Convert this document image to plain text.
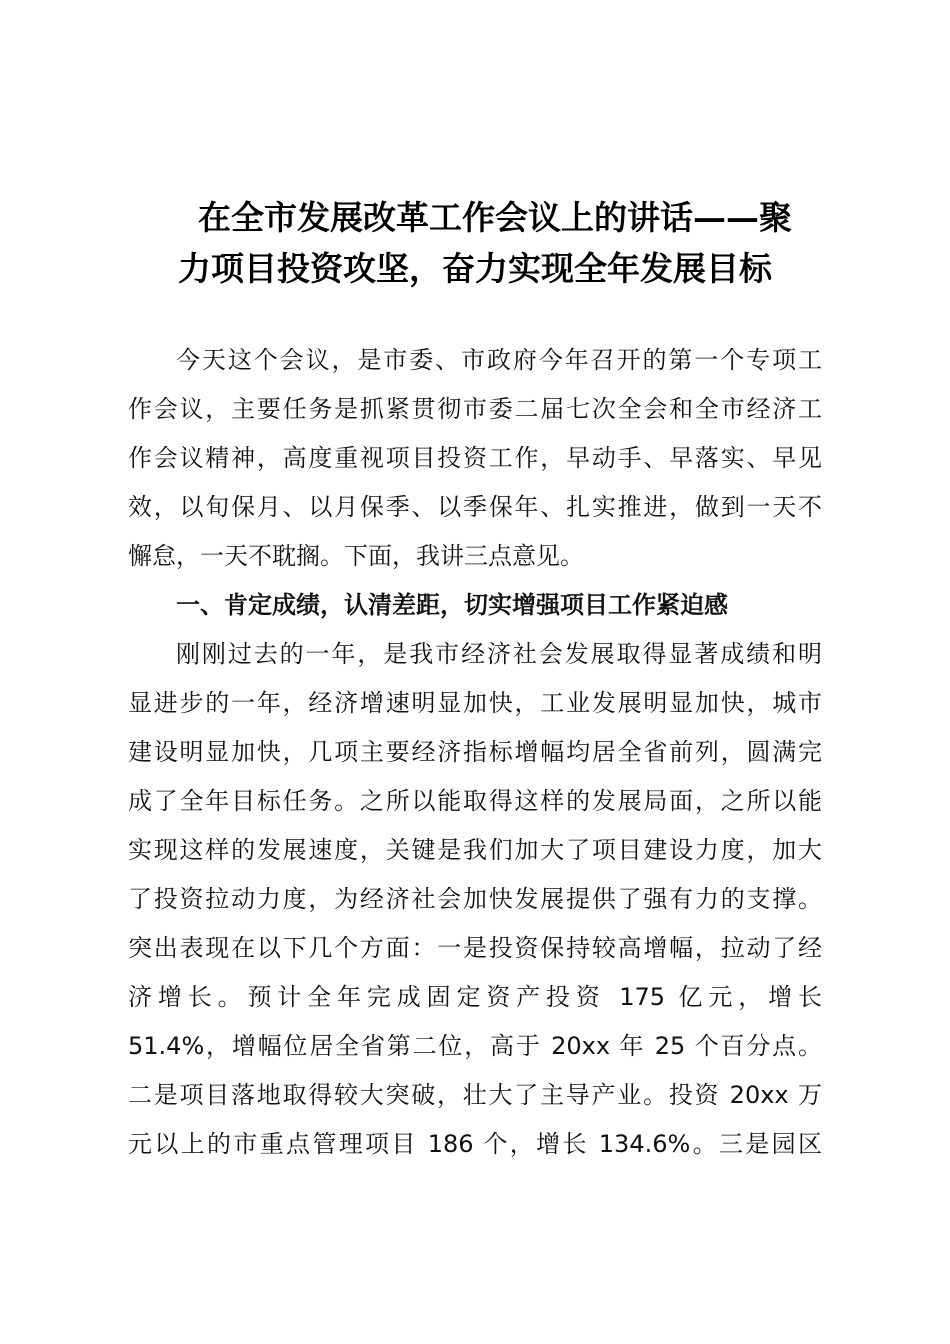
在全市发展改革工作会议上的讲话——聚
力项目投资攻坚，奋力实现全年发展目标
今天这个会议，是市委、市政府今年召开的第一个专项工
作会议，主要任务是抓紧贯彻市委二届七次全会和全市经济工
作会议精神，高度重视项目投资工作，早动手、早落实、早见
效，以旬保月、以月保季、以季保年、扎实推进，做到一天不
懈怠，一天不耽搁。下面，我讲三点意见。
一、肯定成绩，认清差距，切实增强项目工作紧迫感
刚刚过去的一年，是我市经济社会发展取得显著成绩和明
显进步的一年，经济增速明显加快，工业发展明显加快，城市
建设明显加快，几项主要经济指标增幅均居全省前列，圆满完
成了全年目标任务。之所以能取得这样的发展局面，之所以能
实现这样的发展速度，关键是我们加大了项目建设力度，加大
了投资拉动力度，为经济社会加快发展提供了强有力的支撑。
突出表现在以下几个方面：一是投资保持较高增幅，拉动了经
济增长。预计全年完成固定资产投资 175 亿元，增长
51.4%，增幅位居全省第二位，高于 20xx 年 25 个百分点。
二是项目落地取得较大突破，壮大了主导产业。投资 20xx 万
元以上的市重点管理项目 186 个，增长 134.6%。三是园区
